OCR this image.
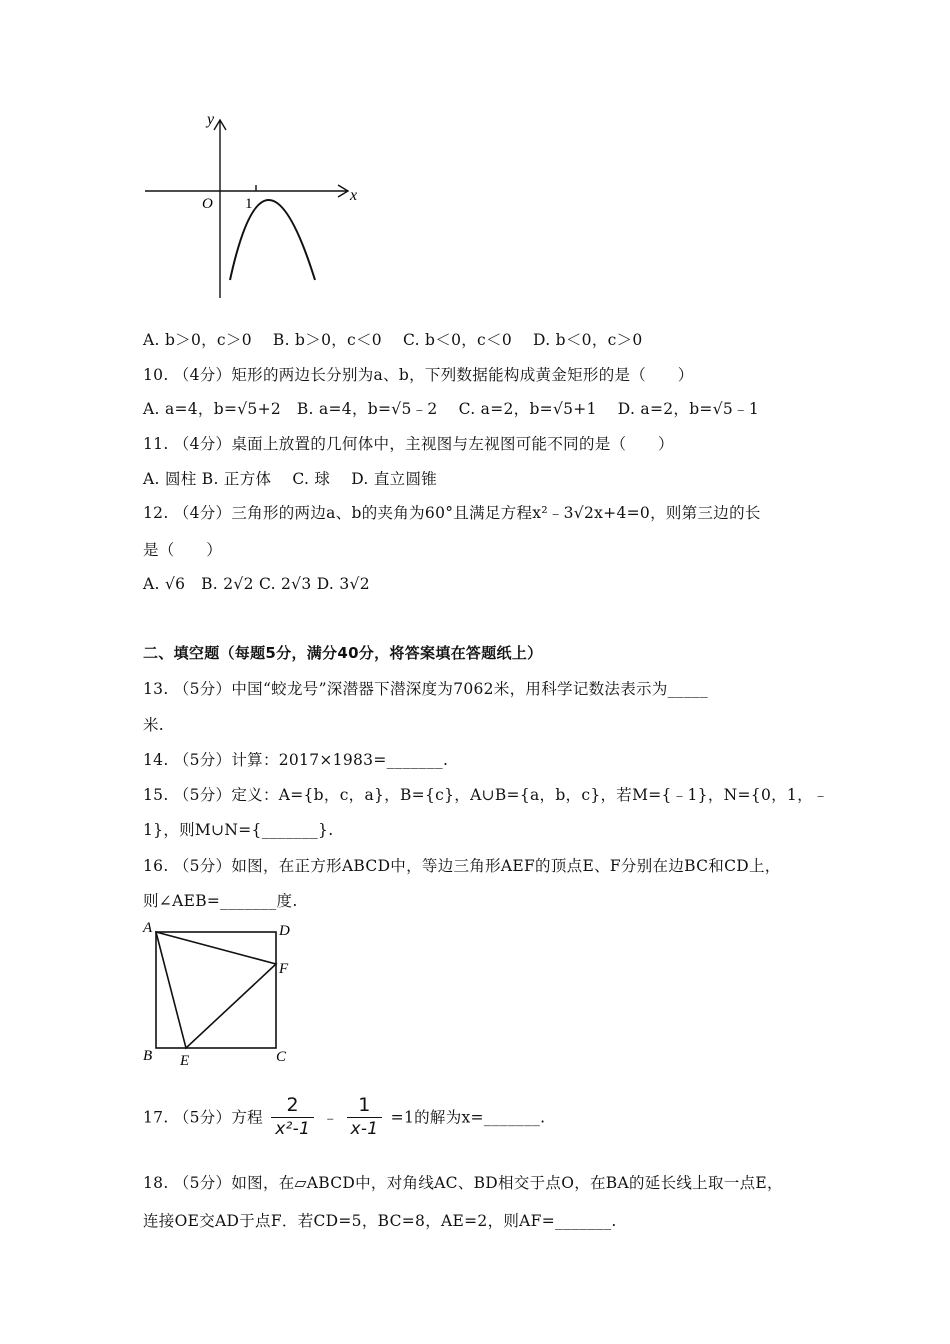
y
x
O 1
A. b＞0，c＞0　 B. b＞0，c＜0　 C. b＜0，c＜0　 D. b＜0，c＞0
10. （4分）矩形的两边长分别为a、b，下列数据能构成黄金矩形的是（　　）
A. a=4，b=√5+2　B. a=4，b=√5﹣2　 C. a=2，b=√5+1　 D. a=2，b=√5﹣1
11. （4分）桌面上放置的几何体中，主视图与左视图可能不同的是（　　）
A. 圆柱 B. 正方体　 C. 球　 D. 直立圆锥
12. （4分）三角形的两边a、b的夹角为60°且满足方程x²﹣3√2x+4=0，则第三边的长
是（　　）
A. √6　B. 2√2 C. 2√3 D. 3√2
二、填空题（每题5分，满分40分，将答案填在答题纸上）
13. （5分）中国“蛟龙号”深潜器下潜深度为7062米，用科学记数法表示为_____
米.
14. （5分）计算：2017×1983=_______.
15. （5分）定义：A={b，c，a}，B={c}，A∪B={a，b，c}，若M={﹣1}，N={0，1，﹣
1}，则M∪N={_______}.
16. （5分）如图，在正方形ABCD中，等边三角形AEF的顶点E、F分别在边BC和CD上，
则∠AEB=_______度.
A	D
F
B E	C
17. （5分）方程 $\frac{2}{\text{x²-1}}$ ﹣ $\frac{1}{x-1} =1$的解为x=_______.
18. （5分）如图，在▱ABCD中，对角线AC、BD相交于点O，在BA的延长线上取一点E，
连接OE交AD于点F．若CD=5，BC=8，AE=2，则AF=_______.
